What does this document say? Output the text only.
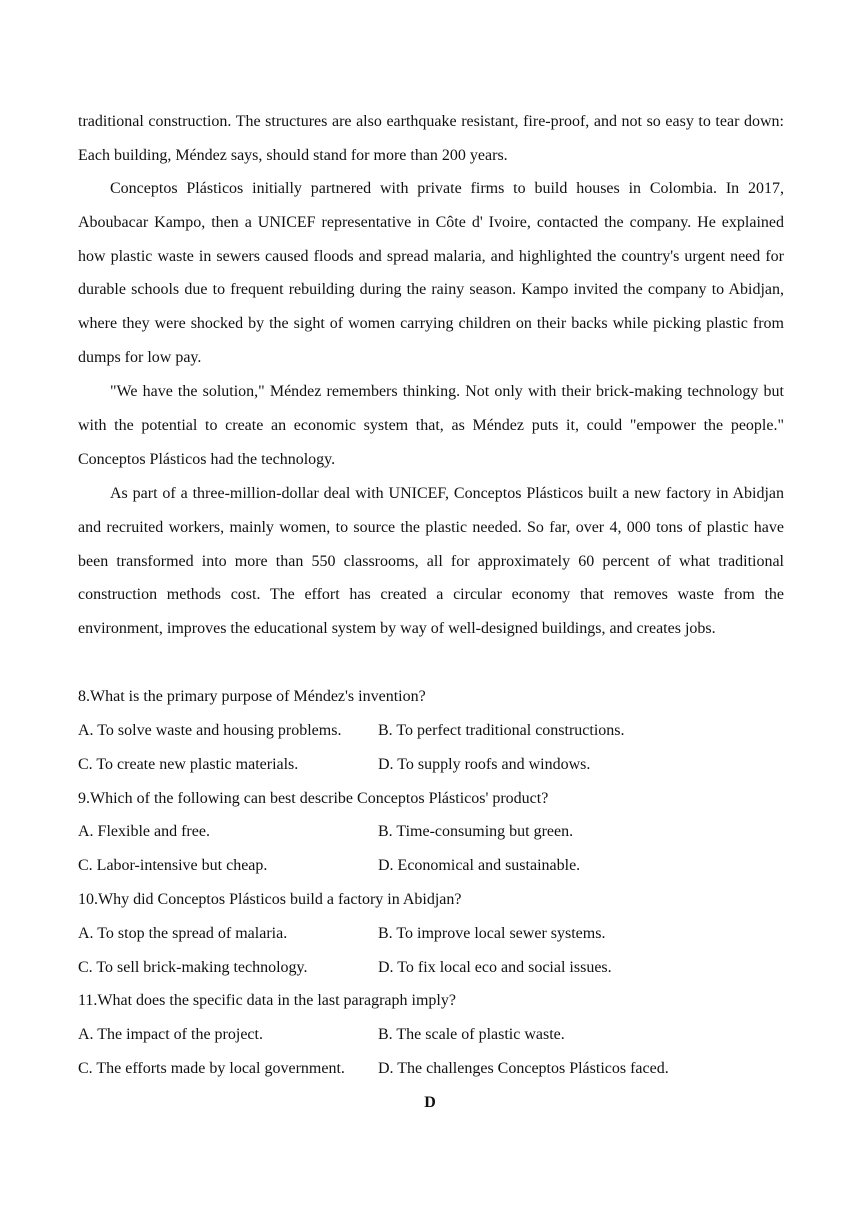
traditional construction. The structures are also earthquake resistant, fire-proof, and not so easy to tear down: Each building, Méndez says, should stand for more than 200 years.

Conceptos Plásticos initially partnered with private firms to build houses in Colombia. In 2017, Aboubacar Kampo, then a UNICEF representative in Côte d' Ivoire, contacted the company. He explained how plastic waste in sewers caused floods and spread malaria, and highlighted the country's urgent need for durable schools due to frequent rebuilding during the rainy season. Kampo invited the company to Abidjan, where they were shocked by the sight of women carrying children on their backs while picking plastic from dumps for low pay.

"We have the solution," Méndez remembers thinking. Not only with their brick-making technology but with the potential to create an economic system that, as Méndez puts it, could "empower the people." Conceptos Plásticos had the technology.

As part of a three-million-dollar deal with UNICEF, Conceptos Plásticos built a new factory in Abidjan and recruited workers, mainly women, to source the plastic needed. So far, over 4, 000 tons of plastic have been transformed into more than 550 classrooms, all for approximately 60 percent of what traditional construction methods cost. The effort has created a circular economy that removes waste from the environment, improves the educational system by way of well-designed buildings, and creates jobs.

8.What is the primary purpose of Méndez's invention?
A. To solve waste and housing problems. B. To perfect traditional constructions.
C. To create new plastic materials.	D. To supply roofs and windows.
9.Which of the following can best describe Conceptos Plásticos' product?
A. Flexible and free.	B. Time-consuming but green.
C. Labor-intensive but cheap.	D. Economical and sustainable.
10.Why did Conceptos Plásticos build a factory in Abidjan?
A. To stop the spread of malaria.	B. To improve local sewer systems.
C. To sell brick-making technology.	D. To fix local eco and social issues.
11.What does the specific data in the last paragraph imply?
A. The impact of the project.	B. The scale of plastic waste.
C. The efforts made by local government. D. The challenges Conceptos Plásticos faced.
D
